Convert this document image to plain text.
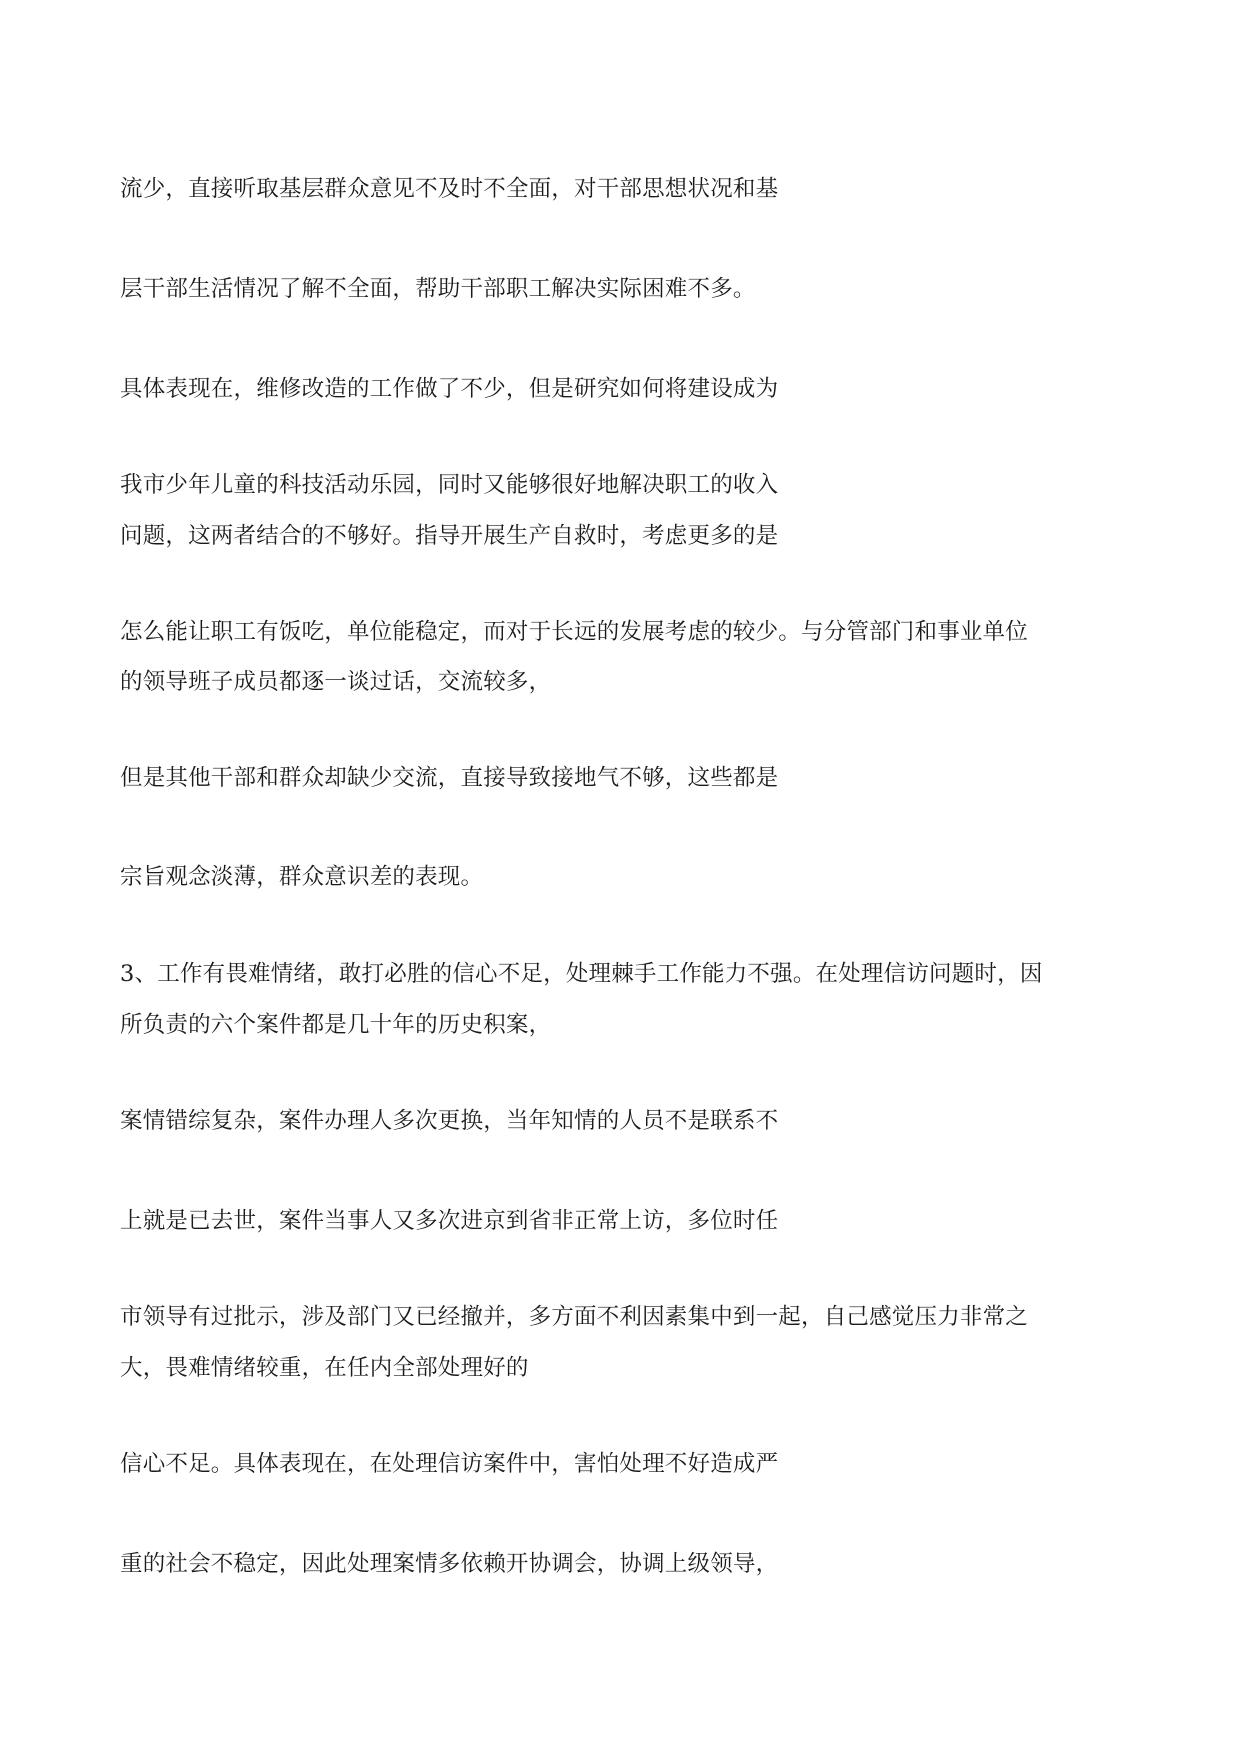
流少，直接听取基层群众意见不及时不全面，对干部思想状况和基
层干部生活情况了解不全面，帮助干部职工解决实际困难不多。
具体表现在，维修改造的工作做了不少，但是研究如何将建设成为
我市少年儿童的科技活动乐园，同时又能够很好地解决职工的收入
问题，这两者结合的不够好。指导开展生产自救时，考虑更多的是
怎么能让职工有饭吃，单位能稳定，而对于长远的发展考虑的较少。与分管部门和事业单位
的领导班子成员都逐一谈过话，交流较多，
但是其他干部和群众却缺少交流，直接导致接地气不够，这些都是
宗旨观念淡薄，群众意识差的表现。
3、工作有畏难情绪，敢打必胜的信心不足，处理棘手工作能力不强。在处理信访问题时，因
所负责的六个案件都是几十年的历史积案，
案情错综复杂，案件办理人多次更换，当年知情的人员不是联系不
上就是已去世，案件当事人又多次进京到省非正常上访，多位时任
市领导有过批示，涉及部门又已经撤并，多方面不利因素集中到一起，自己感觉压力非常之
大，畏难情绪较重，在任内全部处理好的
信心不足。具体表现在，在处理信访案件中，害怕处理不好造成严
重的社会不稳定，因此处理案情多依赖开协调会，协调上级领导，
